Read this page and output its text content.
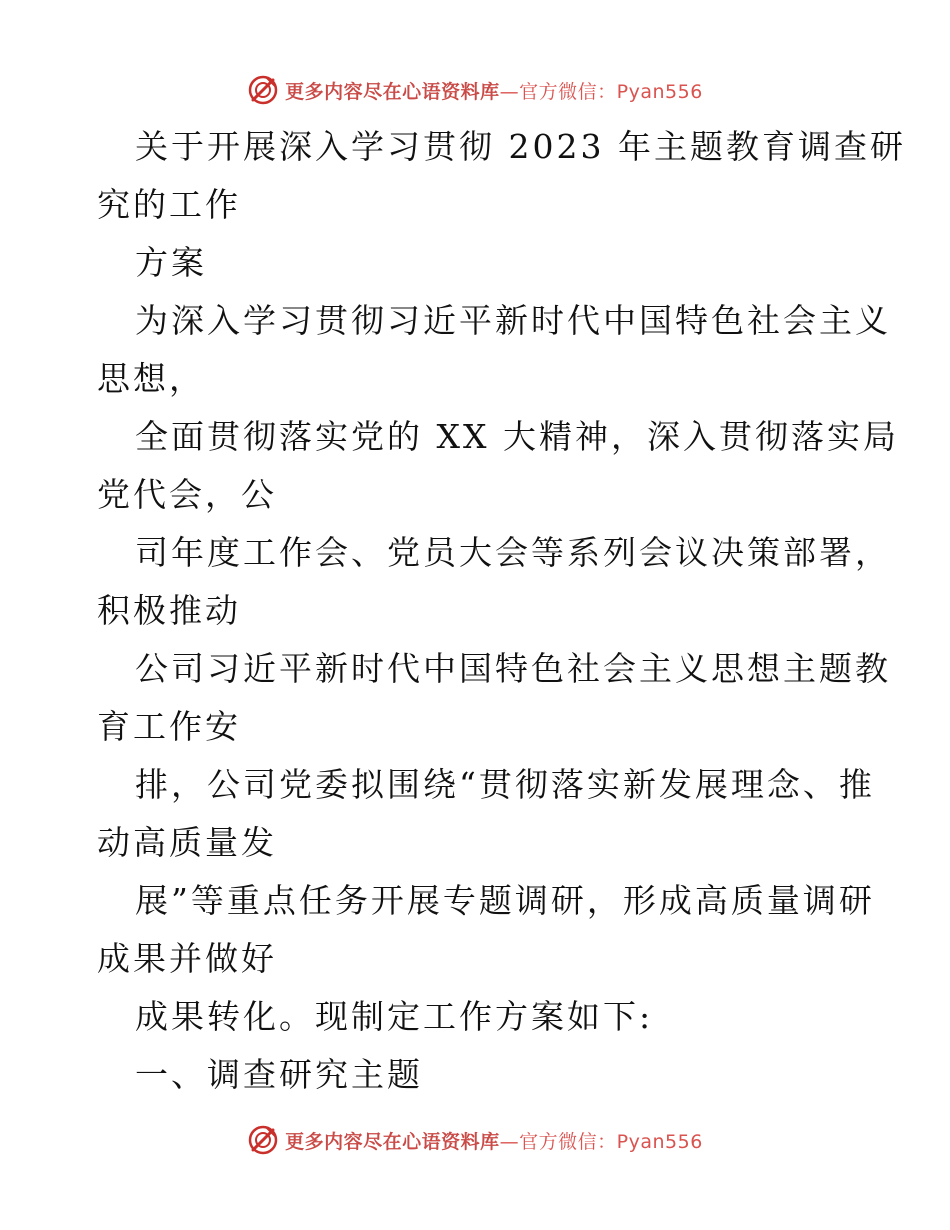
更多内容尽在心语资料库—官方微信：Pyan556
关于开展深入学习贯彻 2023 年主题教育调查研
究的工作
方案
为深入学习贯彻习近平新时代中国特色社会主义
思想，
全面贯彻落实党的 XX 大精神，深入贯彻落实局
党代会，公
司年度工作会、党员大会等系列会议决策部署，
积极推动
公司习近平新时代中国特色社会主义思想主题教
育工作安
排，公司党委拟围绕“贯彻落实新发展理念、推
动高质量发
展”等重点任务开展专题调研，形成高质量调研
成果并做好
成果转化。现制定工作方案如下:
一、调查研究主题
更多内容尽在心语资料库—官方微信：Pyan556
